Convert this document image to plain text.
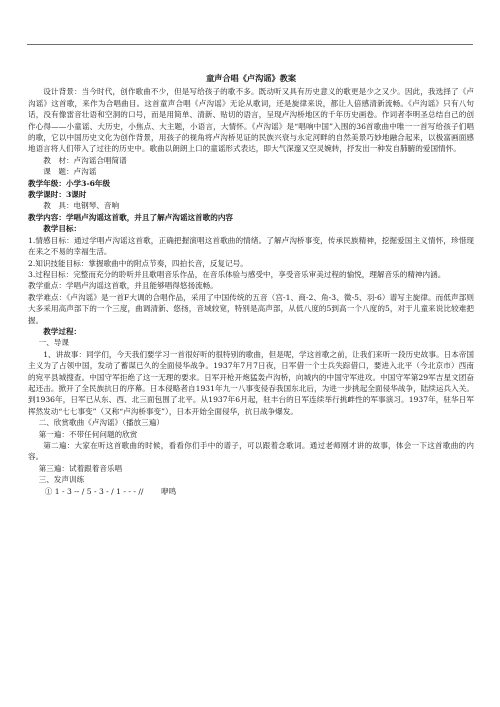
童声合唱《卢沟谣》教案

设计背景：当今时代，创作歌曲不少，但是写给孩子的歌不多。既动听又具有历史意义的歌更是少之又少。因此，我选择了《卢沟谣》这首歌，来作为合唱曲目。这首童声合唱《卢沟谣》无论从歌词，还是旋律来说，都让人倍感清新流畅。《卢沟谣》只有八句话，没有像雷音壮语和空洞的口号，而是用简单、清新、贴切的语言，呈现卢沟桥地区的千年历史画卷。作词者李明圣总结自己的创作心得——小童谣、大历史，小焦点、大主题，小语言，大情怀。《卢沟谣》是“唱响中国”入围的36首歌曲中唯一一首写给孩子们唱的歌，它以中国历史文化为创作背景，用孩子的视角将卢沟桥见证的民族兴衰与永定河畔的自然美景巧妙地融合起来，以极富画面感地语言将人们带入了过往的历史中。歌曲以朗朗上口的童谣形式表达，即大气深邃又空灵婉转，抒发出一种发自肺腑的爱国情怀。

教　材：卢沟谣合唱简谱

课　题：卢沟谣

教学年级：小学3-6年级

教学课时：3课时

教　具：电钢琴、音响

教学内容：学唱卢沟谣这首歌，并且了解卢沟谣这首歌的内容

教学目标：

1.情感目标：通过学唱卢沟谣这首歌，正确把握演唱这首歌曲的情绪。了解卢沟桥事变，传承民族精神，挖掘爱国主义情怀，珍惜现在来之不易的幸福生活。

2.知识技能目标：掌握歌曲中的附点节奏，四拍长音，反复记号。

3.过程目标：完整而充分的聆听并且歌唱音乐作品，在音乐体验与感受中，享受音乐审美过程的愉悦，理解音乐的精神内涵。

教学重点：学唱卢沟谣这首歌，并且能够唱得悠扬流畅。

教学难点：《卢沟谣》是一首F大调的合唱作品，采用了中国传统的五音（宫-1、商-2、角-3、徵-5、羽-6）谱写主旋律。而低声部则大多采用高声部下的一个三度，曲调清新、悠扬，音域较宽，特别是高声部，从低八度的5到高一个八度的5，对于儿童来说比较难把握。

教学过程：

一、导课

1、讲故事：同学们，今天我们要学习一首很好听的很特别的歌曲，但是呢，学这首歌之前，让我们来听一段历史故事。日本帝国主义为了占领中国，发动了蓄谋已久的全面侵华战争。1937年7月7日夜，日军借一个士兵失踪借口，要进入北平（今北京市）西南的宛平县城搜查。中国守军拒绝了这一无理的要求。日军开枪开炮猛轰卢沟桥，向城内的中国守军进攻。中国守军第29军吉星文团奋起还击。掀开了全民族抗日的序幕。日本侵略者自1931年九一八事变侵吞我国东北后，为进一步挑起全面侵华战争，陆续运兵入关。到1936年，日军已从东、西、北三面包围了北平。从1937年6月起，驻丰台的日军连续举行挑衅性的军事演习。1937年，驻华日军挥然发动“七七事变”（又称“卢沟桥事变”），日本开始全面侵华，抗日战争爆发。

二、欣赏歌曲《卢沟谣》（播放三遍）

第一遍：不带任何问题的欣赏

第二遍：大家在听这首歌曲的时候，看看你们手中的谱子，可以跟着念歌词。通过老师刚才讲的故事，体会一下这首歌曲的内容。

第三遍：试着跟着音乐唱

三、发声训练

① 1 - 3 -- / 5 - 3 - / 1 - - - //　　 咿鸣
